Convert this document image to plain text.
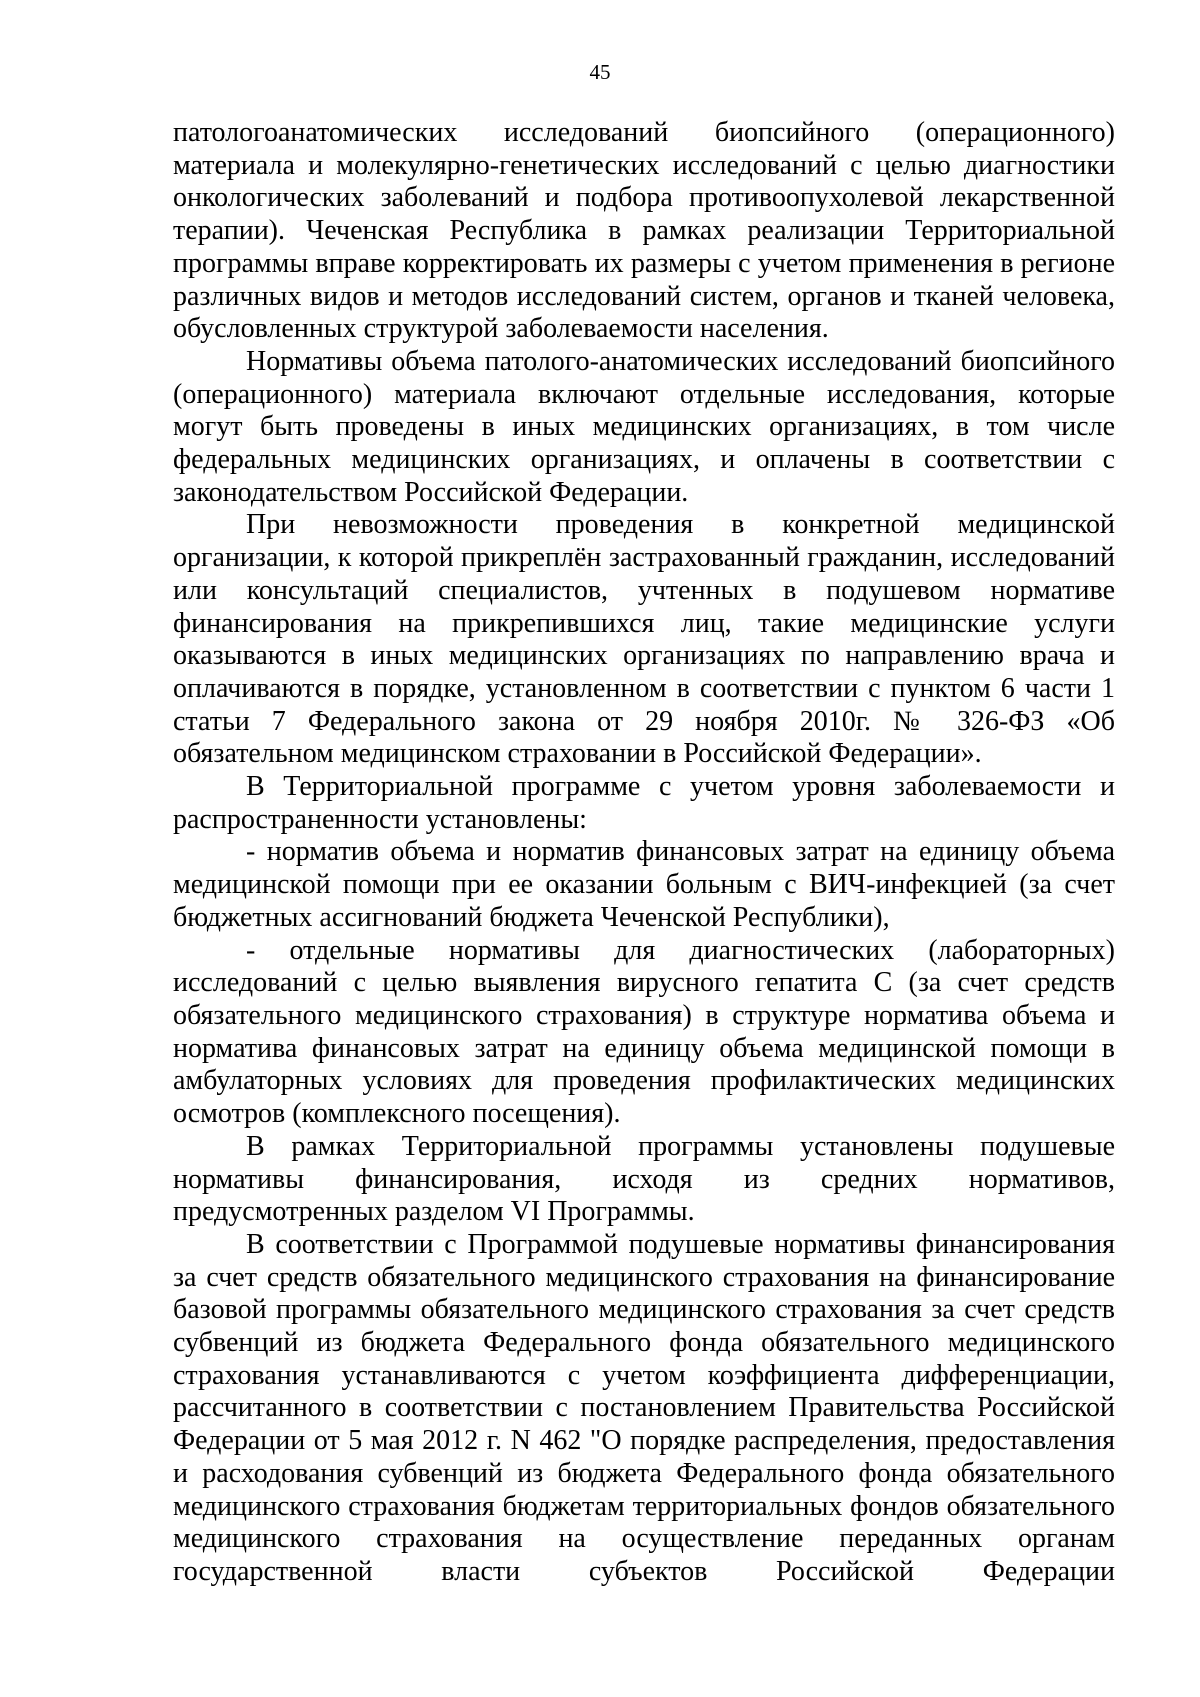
45

патологоанатомических исследований биопсийного (операционного) материала и молекулярно-генетических исследований с целью диагностики онкологических заболеваний и подбора противоопухолевой лекарственной терапии). Чеченская Республика в рамках реализации Территориальной программы вправе корректировать их размеры с учетом применения в регионе различных видов и методов исследований систем, органов и тканей человека, обусловленных структурой заболеваемости населения.

Нормативы объема патолого-анатомических исследований биопсийного (операционного) материала включают отдельные исследования, которые могут быть проведены в иных медицинских организациях, в том числе федеральных медицинских организациях, и оплачены в соответствии с законодательством Российской Федерации.

При невозможности проведения в конкретной медицинской организации, к которой прикреплён застрахованный гражданин, исследований или консультаций специалистов, учтенных в подушевом нормативе финансирования на прикрепившихся лиц, такие медицинские услуги оказываются в иных медицинских организациях по направлению врача и оплачиваются в порядке, установленном в соответствии с пунктом 6 части 1 статьи 7 Федерального закона от 29 ноября 2010г. № 326-ФЗ «Об обязательном медицинском страховании в Российской Федерации».

В Территориальной программе с учетом уровня заболеваемости и распространенности установлены:

- норматив объема и норматив финансовых затрат на единицу объема медицинской помощи при ее оказании больным с ВИЧ-инфекцией (за счет бюджетных ассигнований бюджета Чеченской Республики),

- отдельные нормативы для диагностических (лабораторных) исследований с целью выявления вирусного гепатита С (за счет средств обязательного медицинского страхования) в структуре норматива объема и норматива финансовых затрат на единицу объема медицинской помощи в амбулаторных условиях для проведения профилактических медицинских осмотров (комплексного посещения).

В рамках Территориальной программы установлены подушевые нормативы финансирования, исходя из средних нормативов, предусмотренных разделом VI Программы.

В соответствии с Программой подушевые нормативы финансирования за счет средств обязательного медицинского страхования на финансирование базовой программы обязательного медицинского страхования за счет средств субвенций из бюджета Федерального фонда обязательного медицинского страхования устанавливаются с учетом коэффициента дифференциации, рассчитанного в соответствии с постановлением Правительства Российской Федерации от 5 мая 2012 г. N 462 "О порядке распределения, предоставления и расходования субвенций из бюджета Федерального фонда обязательного медицинского страхования бюджетам территориальных фондов обязательного медицинского страхования на осуществление переданных органам государственной власти субъектов Российской Федерации
